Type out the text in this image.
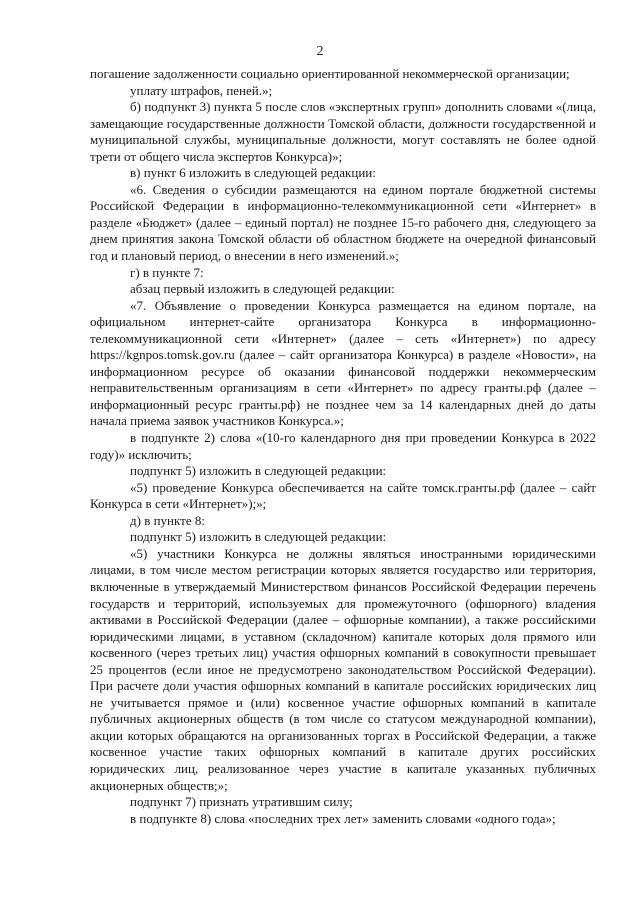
2

погашение задолженности социально ориентированной некоммерческой организации;

уплату штрафов, пеней.»;

б) подпункт 3) пункта 5 после слов «экспертных групп» дополнить словами «(лица, замещающие государственные должности Томской области, должности государственной и муниципальной службы, муниципальные должности, могут составлять не более одной трети от общего числа экспертов Конкурса)»;

в) пункт 6 изложить в следующей редакции:

«6. Сведения о субсидии размещаются на едином портале бюджетной системы Российской Федерации в информационно-телекоммуникационной сети «Интернет» в разделе «Бюджет» (далее – единый портал) не позднее 15-го рабочего дня, следующего за днем принятия закона Томской области об областном бюджете на очередной финансовый год и плановый период, о внесении в него изменений.»;

г) в пункте 7:

абзац первый изложить в следующей редакции:

«7. Объявление о проведении Конкурса размещается на едином портале, на официальном интернет-сайте организатора Конкурса в информационно-телекоммуникационной сети «Интернет» (далее – сеть «Интернет») по адресу https://kgnpos.tomsk.gov.ru (далее – сайт организатора Конкурса) в разделе «Новости», на информационном ресурсе об оказании финансовой поддержки некоммерческим неправительственным организациям в сети «Интернет» по адресу гранты.рф (далее – информационный ресурс гранты.рф) не позднее чем за 14 календарных дней до даты начала приема заявок участников Конкурса.»;

в подпункте 2) слова «(10-го календарного дня при проведении Конкурса в 2022 году)» исключить;

подпункт 5) изложить в следующей редакции:

«5) проведение Конкурса обеспечивается на сайте томск.гранты.рф (далее – сайт Конкурса в сети «Интернет»);»;

д) в пункте 8:

подпункт 5) изложить в следующей редакции:

«5) участники Конкурса не должны являться иностранными юридическими лицами, в том числе местом регистрации которых является государство или территория, включенные в утверждаемый Министерством финансов Российской Федерации перечень государств и территорий, используемых для промежуточного (офшорного) владения активами в Российской Федерации (далее – офшорные компании), а также российскими юридическими лицами, в уставном (складочном) капитале которых доля прямого или косвенного (через третьих лиц) участия офшорных компаний в совокупности превышает 25 процентов (если иное не предусмотрено законодательством Российской Федерации). При расчете доли участия офшорных компаний в капитале российских юридических лиц не учитывается прямое и (или) косвенное участие офшорных компаний в капитале публичных акционерных обществ (в том числе со статусом международной компании), акции которых обращаются на организованных торгах в Российской Федерации, а также косвенное участие таких офшорных компаний в капитале других российских юридических лиц, реализованное через участие в капитале указанных публичных акционерных обществ;»;

подпункт 7) признать утратившим силу;

в подпункте 8) слова «последних трех лет» заменить словами «одного года»;
